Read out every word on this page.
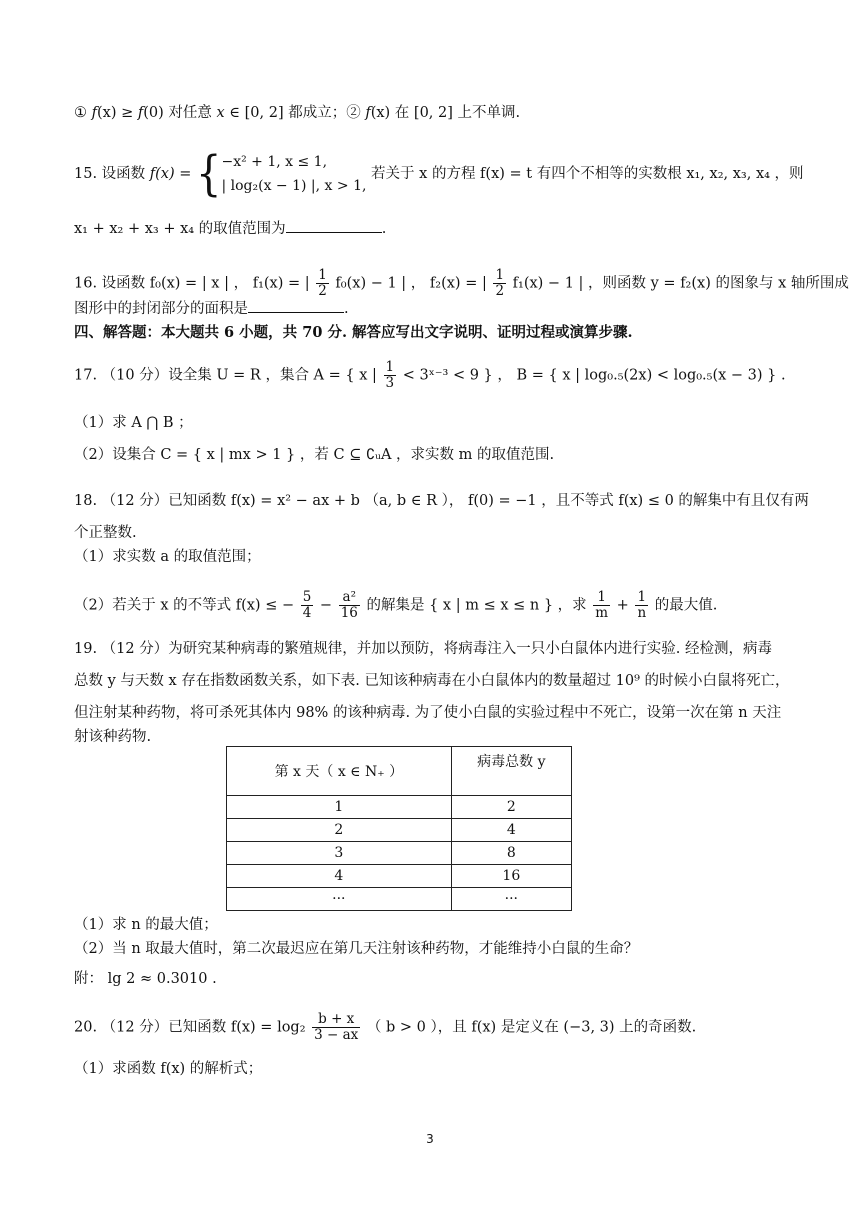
① f(x) ≥ f(0) 对任意 x ∈ [0, 2] 都成立；② f(x) 在 [0, 2] 上不单调.
15. 设函数 f(x) = { −x² + 1, x ≤ 1,
| log₂(x − 1) |, x > 1,
若关于 x 的方程 f(x) = t 有四个不相等的实数根 x₁, x₂, x₃, x₄ ，则
x₁ + x₂ + x₃ + x₄ 的取值范围为	.
16. 设函数 f₀(x) = | x | ， f₁(x) = | $\frac{1}{2} f_0(x) - 1$ | ， f₂(x) = | $\frac{1}{2} f_1(x) - 1$ | ，则函数 y = f₂(x) 的图象与 x 轴所围成
图形中的封闭部分的面积是	.
四、解答题：本大题共 6 小题，共 70 分. 解答应写出文字说明、证明过程或演算步骤.
17. （10 分）设全集 U = R ，集合 A = { x | $\frac{1}{3}$ < 3ˣ⁻³ < 9 } ， B = { x | log₀.₅(2x) < log₀.₅(x − 3) } .
（1）求 A ⋂ B ；
（2）设集合 C = { x | mx > 1 } ，若 C ⊆ ∁ᵤA ，求实数 m 的取值范围.
18. （12 分）已知函数 f(x) = x² − ax + b （a, b ∈ R ）， f(0) = −1 ，且不等式 f(x) ≤ 0 的解集中有且仅有两
个正整数.
（1）求实数 a 的取值范围；
（2）若关于 x 的不等式 f(x) ≤ − $\frac{5}{4} - \frac{\text{a²}}{16}$ 的解集是 { x | m ≤ x ≤ n } ，求 $\frac{1}{m} + \frac{1}{n}$ 的最大值.
19. （12 分）为研究某种病毒的繁殖规律，并加以预防，将病毒注入一只小白鼠体内进行实验. 经检测，病毒
总数 y 与天数 x 存在指数函数关系，如下表. 已知该种病毒在小白鼠体内的数量超过 10⁹ 的时候小白鼠将死亡，
但注射某种药物，将可杀死其体内 98% 的该种病毒. 为了使小白鼠的实验过程中不死亡，设第一次在第 n 天注
射该种药物.
第 x 天（ x ∈ N₊ ）	病毒总数 y
1	2
2	4
3	8
4	16
···	···
（1）求 n 的最大值；
（2）当 n 取最大值时，第二次最迟应在第几天注射该种药物，才能维持小白鼠的生命？
附： lg 2 ≈ 0.3010 .
20. （12 分）已知函数 $f(x) = \log_2 \frac{b + x}{3 - ax}$ （ b > 0 ），且 f(x) 是定义在 (−3, 3) 上的奇函数.
（1）求函数 f(x) 的解析式；
3
